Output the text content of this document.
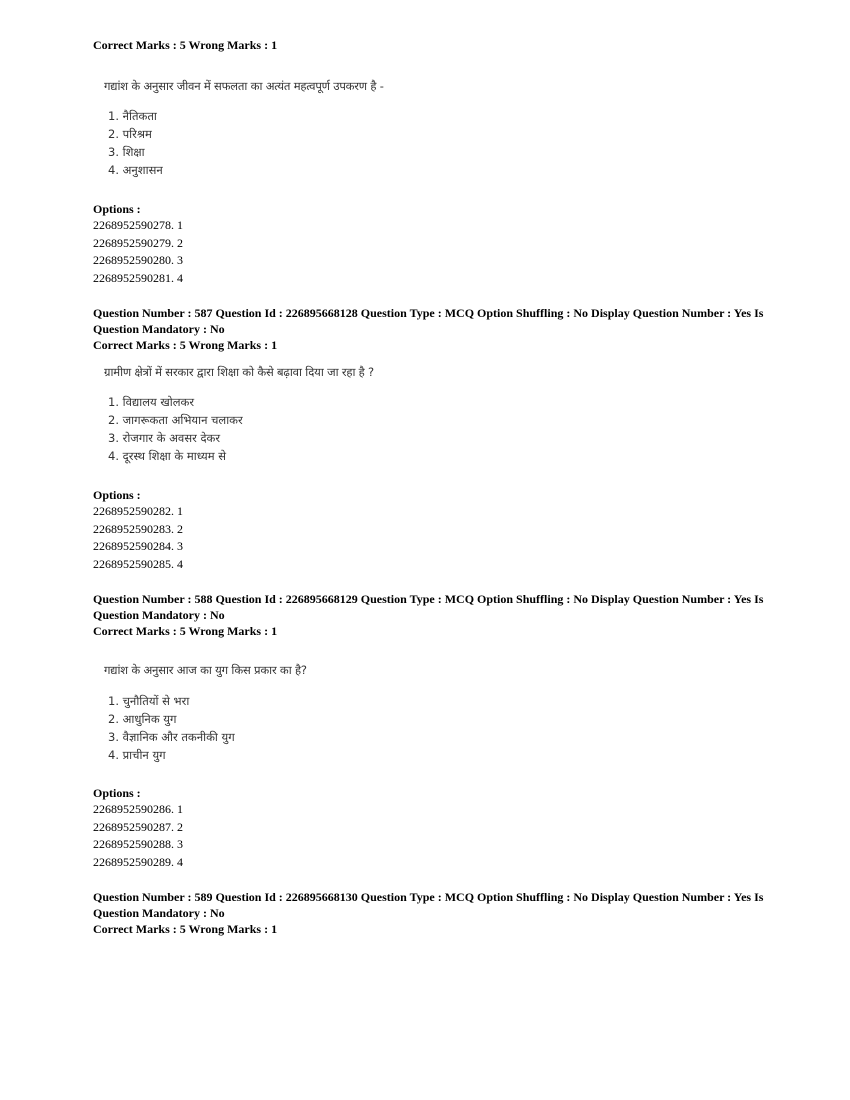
Correct Marks : 5 Wrong Marks : 1
गद्यांश के अनुसार जीवन में सफलता का अत्यंत महत्वपूर्ण उपकरण है -
1. नैतिकता
2. परिश्रम
3. शिक्षा
4. अनुशासन
Options :
2268952590278. 1
2268952590279. 2
2268952590280. 3
2268952590281. 4
Question Number : 587 Question Id : 226895668128 Question Type : MCQ Option Shuffling : No Display Question Number : Yes Is
Question Mandatory : No
Correct Marks : 5 Wrong Marks : 1
ग्रामीण क्षेत्रों में सरकार द्वारा शिक्षा को कैसे बढ़ावा दिया जा रहा है ?
1. विद्यालय खोलकर
2. जागरूकता अभियान चलाकर
3. रोजगार के अवसर देकर
4. दूरस्थ शिक्षा के माध्यम से
Options :
2268952590282. 1
2268952590283. 2
2268952590284. 3
2268952590285. 4
Question Number : 588 Question Id : 226895668129 Question Type : MCQ Option Shuffling : No Display Question Number : Yes Is
Question Mandatory : No
Correct Marks : 5 Wrong Marks : 1
गद्यांश के अनुसार आज का युग किस प्रकार का है?
1. चुनौतियों से भरा
2. आधुनिक युग
3. वैज्ञानिक और तकनीकी युग
4. प्राचीन युग
Options :
2268952590286. 1
2268952590287. 2
2268952590288. 3
2268952590289. 4
Question Number : 589 Question Id : 226895668130 Question Type : MCQ Option Shuffling : No Display Question Number : Yes Is
Question Mandatory : No
Correct Marks : 5 Wrong Marks : 1
